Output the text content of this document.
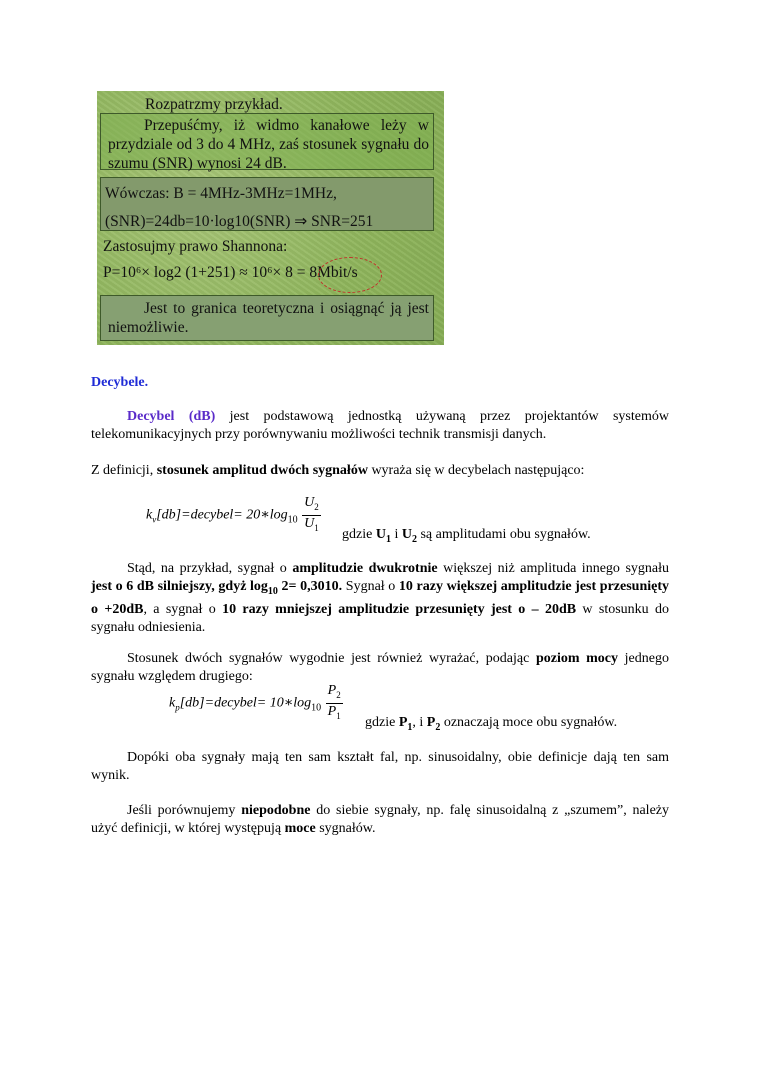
Rozpatrzmy przykład.

Przepuśćmy, iż widmo kanałowe leży w przydziale od 3 do 4 MHz, zaś stosunek sygnału do szumu (SNR) wynosi 24 dB.

Wówczas: B = 4MHz-3MHz=1MHz,
(SNR)=24db=10·log10(SNR) ⇒ SNR=251
Zastosujmy prawo Shannona:
P=10⁶× log2 (1+251) ≈ 10⁶× 8 = 8Mbit/s

Jest to granica teoretyczna i osiągnąć ją jest niemożliwie.

Decybele.
Decybel (dB) jest podstawową jednostką używaną przez projektantów systemów telekomunikacyjnych przy porównywaniu możliwości technik transmisji danych.
Z definicji, stosunek amplitud dwóch sygnałów wyraża się w decybelach następująco:
$k_v[db]=decybel=$ $20∗\log_{10} \frac{U_2}{U_1}$ gdzie $U_1$ i $U_2$ są amplitudami obu sygnałów.
Stąd, na przykład, sygnał o amplitudzie dwukrotnie większej niż amplituda innego sygnału jest o 6 dB silniejszy, gdyż $\log_{10} 2= 0,3010$. Sygnał o 10 razy większej amplitudzie jest przesunięty o +20dB, a sygnał o 10 razy mniejszej amplitudzie przesunięty jest o – 20dB w stosunku do sygnału odniesienia.
Stosunek dwóch sygnałów wygodnie jest również wyrażać, podając poziom mocy jednego sygnału względem drugiego:
$k_p[db]=decybel=$ $10∗\log_{10} \frac{P_2}{P_1}$ gdzie $P_1$, i $P_2$ oznaczają moce obu sygnałów.
Dopóki oba sygnały mają ten sam kształt fal, np. sinusoidalny, obie definicje dają ten sam wynik.
Jeśli porównujemy niepodobne do siebie sygnały, np. falę sinusoidalną z „szumem”, należy użyć definicji, w której występują moce sygnałów.
